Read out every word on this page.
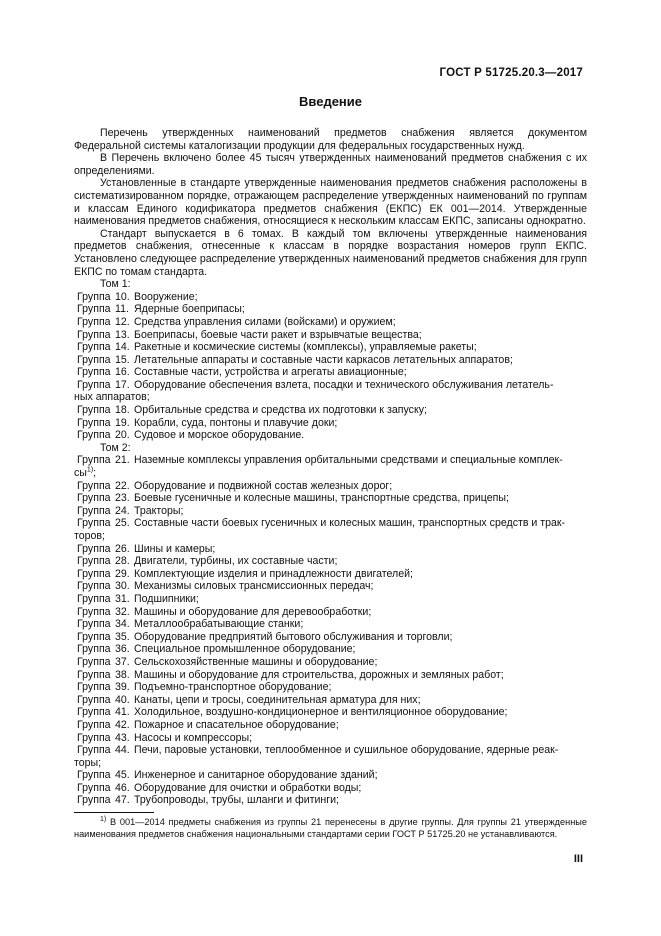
ГОСТ Р 51725.20.3—2017
Введение

Перечень утвержденных наименований предметов снабжения является документом Федеральной системы каталогизации продукции для федеральных государственных нужд.

В Перечень включено более 45 тысяч утвержденных наименований предметов снабжения с их определениями.

Установленные в стандарте утвержденные наименования предметов снабжения расположены в систематизированном порядке, отражающем распределение утвержденных наименований по группам и классам Единого кодификатора предметов снабжения (ЕКПС) ЕК 001—2014. Утвержденные наименования предметов снабжения, относящиеся к нескольким классам ЕКПС, записаны однократно.

Стандарт выпускается в 6 томах. В каждый том включены утвержденные наименования предметов снабжения, отнесенные к классам в порядке возрастания номеров групп ЕКПС. Установлено следующее распределение утвержденных наименований предметов снабжения для групп ЕКПС по томам стандарта.

Том 1:
Группа 10. Вооружение;
Группа 11. Ядерные боеприпасы;
Группа 12. Средства управления силами (войсками) и оружием;
Группа 13. Боеприпасы, боевые части ракет и взрывчатые вещества;
Группа 14. Ракетные и космические системы (комплексы), управляемые ракеты;
Группа 15. Летательные аппараты и составные части каркасов летательных аппаратов;
Группа 16. Составные части, устройства и агрегаты авиационные;
Группа 17. Оборудование обеспечения взлета, посадки и технического обслуживания летатель-
ных аппаратов;
Группа 18. Орбитальные средства и средства их подготовки к запуску;
Группа 19. Корабли, суда, понтоны и плавучие доки;
Группа 20. Судовое и морское оборудование.
Том 2:
Группа 21. Наземные комплексы управления орбитальными средствами и специальные комплек-
$сы^{1)}$;
Группа 22. Оборудование и подвижной состав железных дорог;
Группа 23. Боевые гусеничные и колесные машины, транспортные средства, прицепы;
Группа 24. Тракторы;
Группа 25. Составные части боевых гусеничных и колесных машин, транспортных средств и трак-
торов;
Группа 26. Шины и камеры;
Группа 28. Двигатели, турбины, их составные части;
Группа 29. Комплектующие изделия и принадлежности двигателей;
Группа 30. Механизмы силовых трансмиссионных передач;
Группа 31. Подшипники;
Группа 32. Машины и оборудование для деревообработки;
Группа 34. Металлообрабатывающие станки;
Группа 35. Оборудование предприятий бытового обслуживания и торговли;
Группа 36. Специальное промышленное оборудование;
Группа 37. Сельскохозяйственные машины и оборудование;
Группа 38. Машины и оборудование для строительства, дорожных и земляных работ;
Группа 39. Подъемно-транспортное оборудование;
Группа 40. Канаты, цепи и тросы, соединительная арматура для них;
Группа 41. Холодильное, воздушно-кондиционерное и вентиляционное оборудование;
Группа 42. Пожарное и спасательное оборудование;
Группа 43. Насосы и компрессоры;
Группа 44. Печи, паровые установки, теплообменное и сушильное оборудование, ядерные реак-
торы;
Группа 45. Инженерное и санитарное оборудование зданий;
Группа 46. Оборудование для очистки и обработки воды;
Группа 47. Трубопроводы, трубы, шланги и фитинги;
$^{1)}$ В 001—2014 предметы снабжения из группы 21 перенесены в другие группы. Для группы 21 утвержденные наименования предметов снабжения национальными стандартами серии ГОСТ Р 51725.20 не устанавливаются.
III
